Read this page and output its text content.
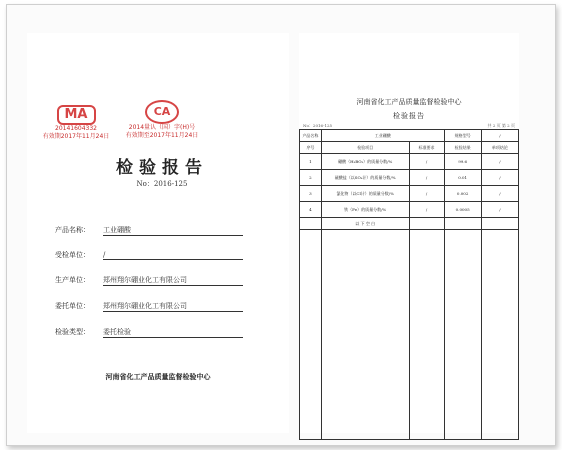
MA
20141604332
有效期2017年11月24日
CA
2014量认（国）字(H)号
有效期至2017年11月24日
检验报告
No：2016-125
产品名称： 工业硼酸
受检单位： /
生产单位： 郑州翔尔硼业化工有限公司
委托单位： 郑州翔尔硼业化工有限公司
检验类型： 委托检验
河南省化工产品质量监督检验中心
河南省化工产品质量监督检验中心
检验报告
No：2016-125	共 2 页 第 2 页
产品名称	工业硼酸		规格型号	/
序号	检验项目	标准要求	检验结果	单项结论
1	硼酸（H₃BO₃）的质量分数/%	/	99.6	/
2	硫酸盐（以SO₄计）的质量分数/%	/	0.01	/
3	氯化物（以Cl计）的质量分数/%	/	0.002	/
4	铁（Fe）的质量分数/%	/	0.0005	/
	以 下 空 白			
